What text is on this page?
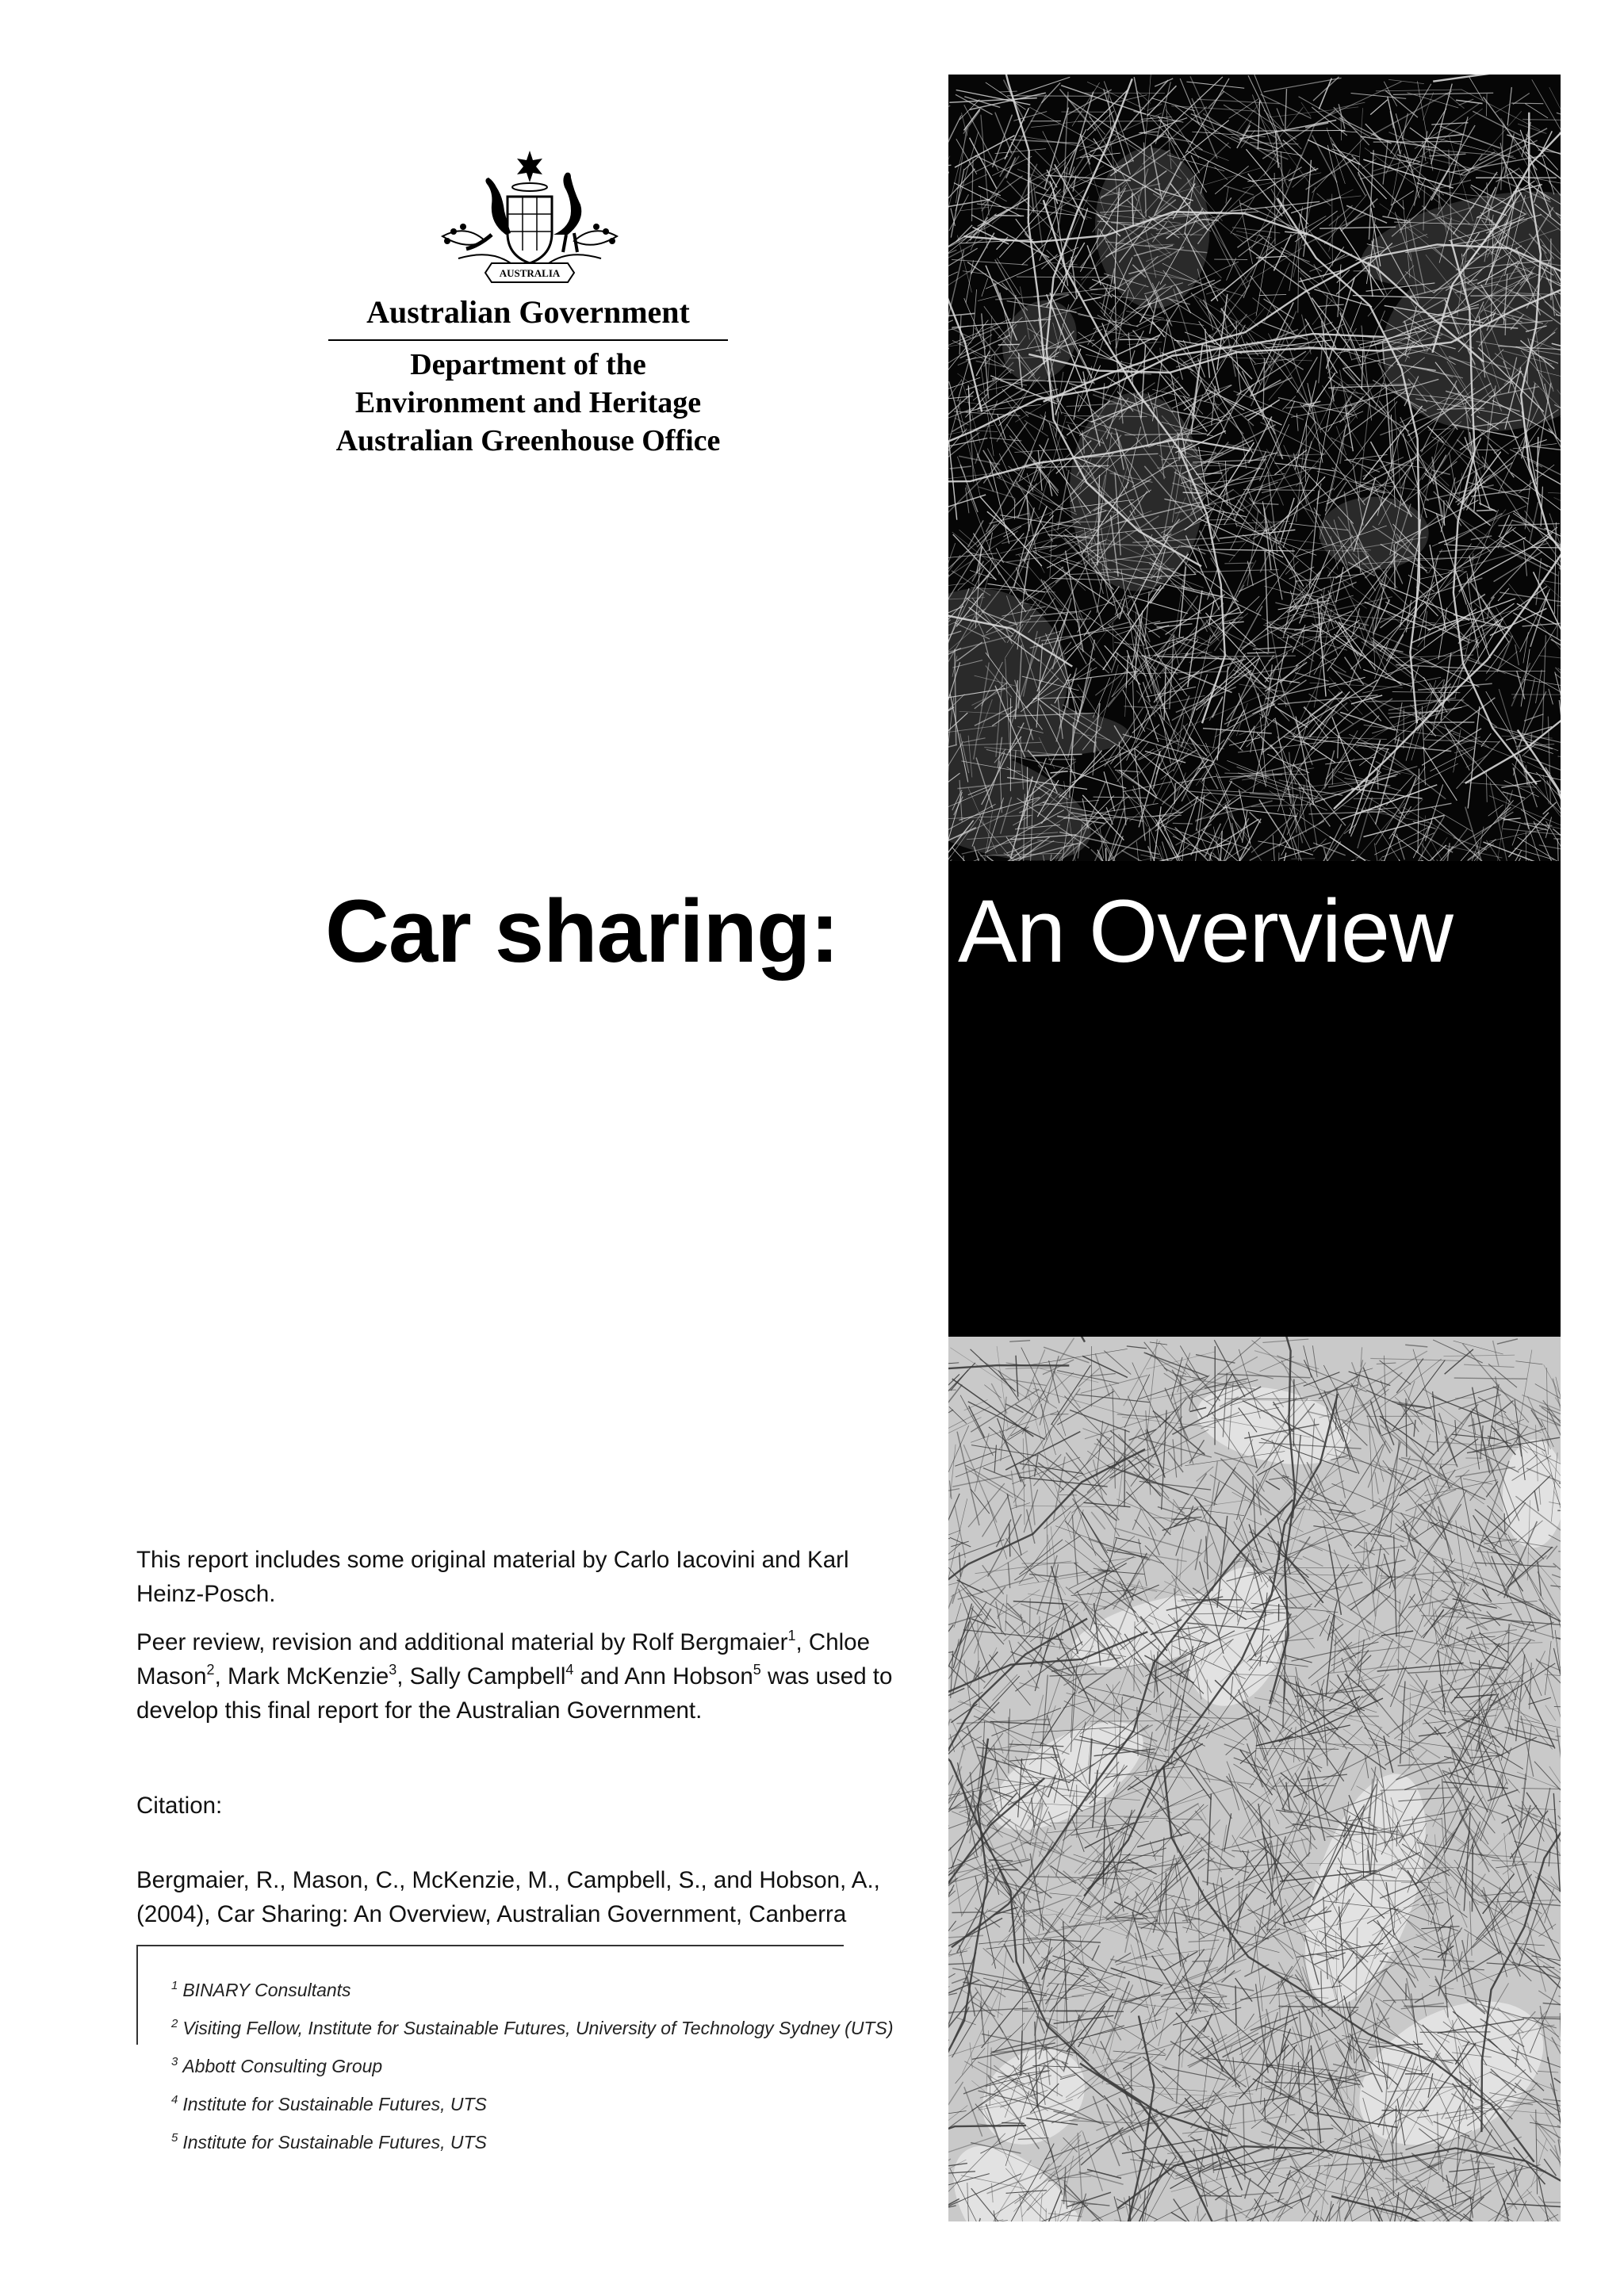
AUSTRALIA
Australian Government
Department of the
Environment and Heritage
Australian Greenhouse Office
Car sharing: An Overview
This report includes some original material by Carlo Iacovini and Karl Heinz-Posch.
Peer review, revision and additional material by Rolf Bergmaier$^1$, Chloe Mason$^2$, Mark McKenzie$^3$, Sally Campbell$^4$ and Ann Hobson$^5$ was used to develop this final report for the Australian Government.
Citation:
Bergmaier, R., Mason, C., McKenzie, M., Campbell, S., and Hobson, A., (2004), Car Sharing: An Overview, Australian Government, Canberra
$^1$ BINARY Consultants
$^2$ Visiting Fellow, Institute for Sustainable Futures, University of Technology Sydney (UTS)
$^3$ Abbott Consulting Group
$^4$ Institute for Sustainable Futures, UTS
$^5$ Institute for Sustainable Futures, UTS
